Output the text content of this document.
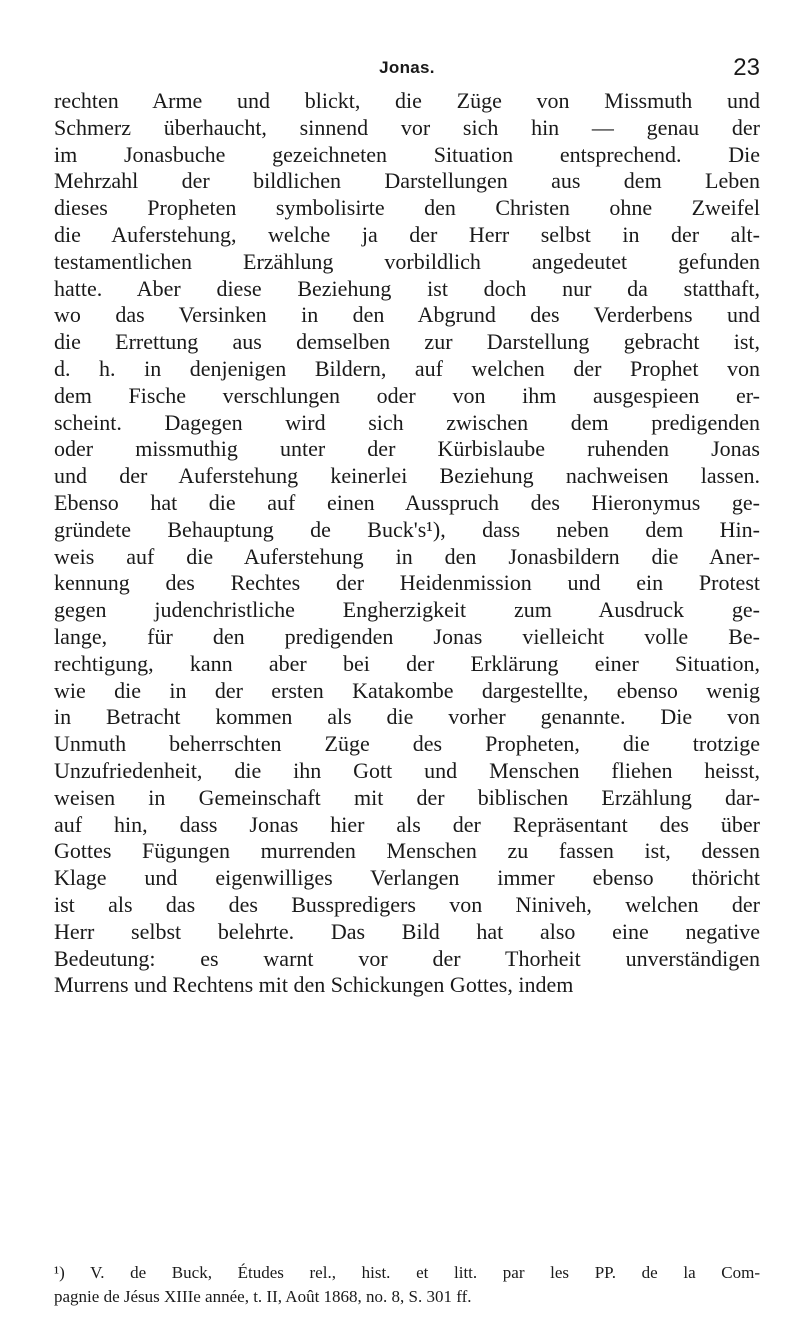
Jonas.	23
rechten Arme und blickt, die Züge von Missmuth und
Schmerz überhaucht, sinnend vor sich hin — genau der
im Jonasbuche gezeichneten Situation entsprechend. Die
Mehrzahl der bildlichen Darstellungen aus dem Leben
dieses Propheten symbolisirte den Christen ohne Zweifel
die Auferstehung, welche ja der Herr selbst in der alt-
testamentlichen Erzählung vorbildlich angedeutet gefunden
hatte. Aber diese Beziehung ist doch nur da statthaft,
wo das Versinken in den Abgrund des Verderbens und
die Errettung aus demselben zur Darstellung gebracht ist,
d. h. in denjenigen Bildern, auf welchen der Prophet von
dem Fische verschlungen oder von ihm ausgespieen er-
scheint. Dagegen wird sich zwischen dem predigenden
oder missmuthig unter der Kürbislaube ruhenden Jonas
und der Auferstehung keinerlei Beziehung nachweisen lassen.
Ebenso hat die auf einen Ausspruch des Hieronymus ge-
gründete Behauptung de Buck's¹), dass neben dem Hin-
weis auf die Auferstehung in den Jonasbildern die Aner-
kennung des Rechtes der Heidenmission und ein Protest
gegen judenchristliche Engherzigkeit zum Ausdruck ge-
lange, für den predigenden Jonas vielleicht volle Be-
rechtigung, kann aber bei der Erklärung einer Situation,
wie die in der ersten Katakombe dargestellte, ebenso wenig
in Betracht kommen als die vorher genannte. Die von
Unmuth beherrschten Züge des Propheten, die trotzige
Unzufriedenheit, die ihn Gott und Menschen fliehen heisst,
weisen in Gemeinschaft mit der biblischen Erzählung dar-
auf hin, dass Jonas hier als der Repräsentant des über
Gottes Fügungen murrenden Menschen zu fassen ist, dessen
Klage und eigenwilliges Verlangen immer ebenso thöricht
ist als das des Busspredigers von Niniveh, welchen der
Herr selbst belehrte. Das Bild hat also eine negative
Bedeutung: es warnt vor der Thorheit unverständigen
Murrens und Rechtens mit den Schickungen Gottes, indem
¹) V. de Buck, Études rel., hist. et litt. par les PP. de la Com-
pagnie de Jésus XIIIe année, t. II, Août 1868, no. 8, S. 301 ff.
